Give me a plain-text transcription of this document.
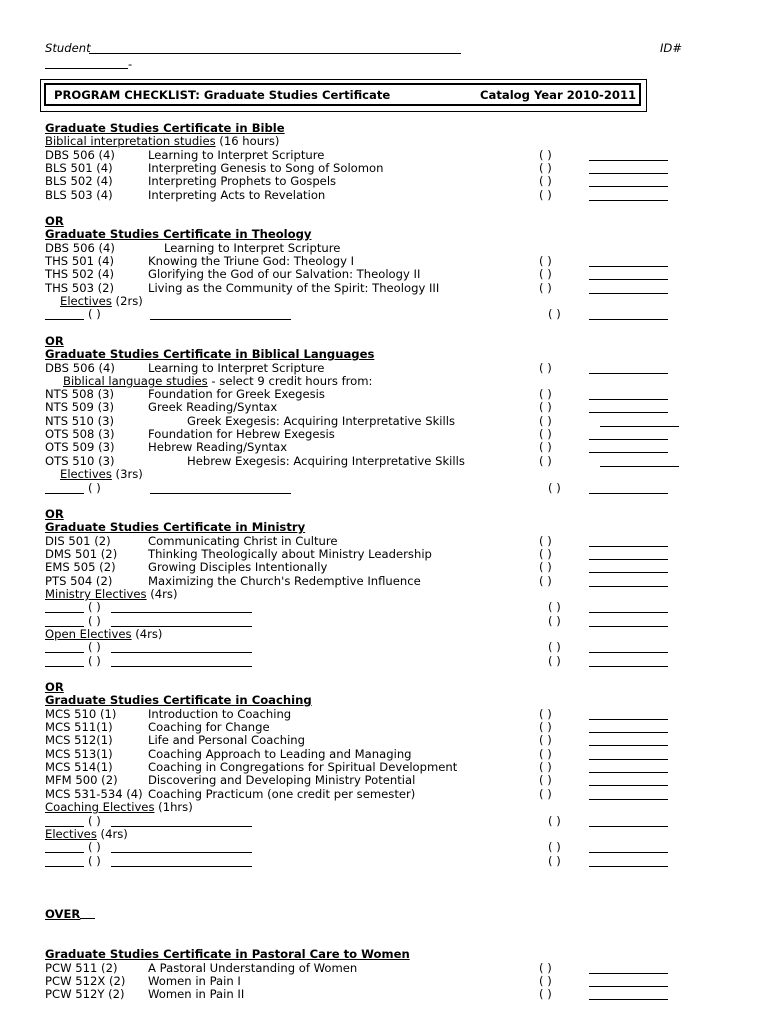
Student	ID#
-
PROGRAM CHECKLIST: Graduate Studies Certificate	Catalog Year 2010-2011
Graduate Studies Certificate in Bible
Biblical interpretation studies (16 hours)
DBS 506 (4)	Learning to Interpret Scripture	( )
BLS 501 (4)	Interpreting Genesis to Song of Solomon	( )
BLS 502 (4)	Interpreting Prophets to Gospels	( )
BLS 503 (4)	Interpreting Acts to Revelation	( )
OR
Graduate Studies Certificate in Theology
DBS 506 (4)	Learning to Interpret Scripture
THS 501 (4)	Knowing the Triune God: Theology I	( )
THS 502 (4)	Glorifying the God of our Salvation: Theology II	( )
THS 503 (2)	Living as the Community of the Spirit: Theology III	( )
Electives (2rs)
( )	( )
OR
Graduate Studies Certificate in Biblical Languages
DBS 506 (4)	Learning to Interpret Scripture	( )
Biblical language studies - select 9 credit hours from:
NTS 508 (3)	Foundation for Greek Exegesis	( )
NTS 509 (3)	Greek Reading/Syntax	( )
NTS 510 (3)	Greek Exegesis: Acquiring Interpretative Skills	( )
OTS 508 (3)	Foundation for Hebrew Exegesis	( )
OTS 509 (3)	Hebrew Reading/Syntax	( )
OTS 510 (3)	Hebrew Exegesis: Acquiring Interpretative Skills	( )
Electives (3rs)
( )	( )
OR
Graduate Studies Certificate in Ministry
DIS 501 (2)	Communicating Christ in Culture	( )
DMS 501 (2)	Thinking Theologically about Ministry Leadership	( )
EMS 505 (2)	Growing Disciples Intentionally	( )
PTS 504 (2)	Maximizing the Church's Redemptive Influence	( )
Ministry Electives (4rs)
( )	( )
( )	( )
Open Electives (4rs)
( )	( )
( )	( )
OR
Graduate Studies Certificate in Coaching
MCS 510 (1)	Introduction to Coaching	( )
MCS 511(1)	Coaching for Change	( )
MCS 512(1)	Life and Personal Coaching	( )
MCS 513(1)	Coaching Approach to Leading and Managing	( )
MCS 514(1)	Coaching in Congregations for Spiritual Development	( )
MFM 500 (2)	Discovering and Developing Ministry Potential	( )
MCS 531-534 (4) Coaching Practicum (one credit per semester)	( )
Coaching Electives (1hrs)
( )	( )
Electives (4rs)
( )	( )
( )	( )
OVER
Graduate Studies Certificate in Pastoral Care to Women
PCW 511 (2)	A Pastoral Understanding of Women	( )
PCW 512X (2) Women in Pain I	( )
PCW 512Y (2) Women in Pain II	( )
